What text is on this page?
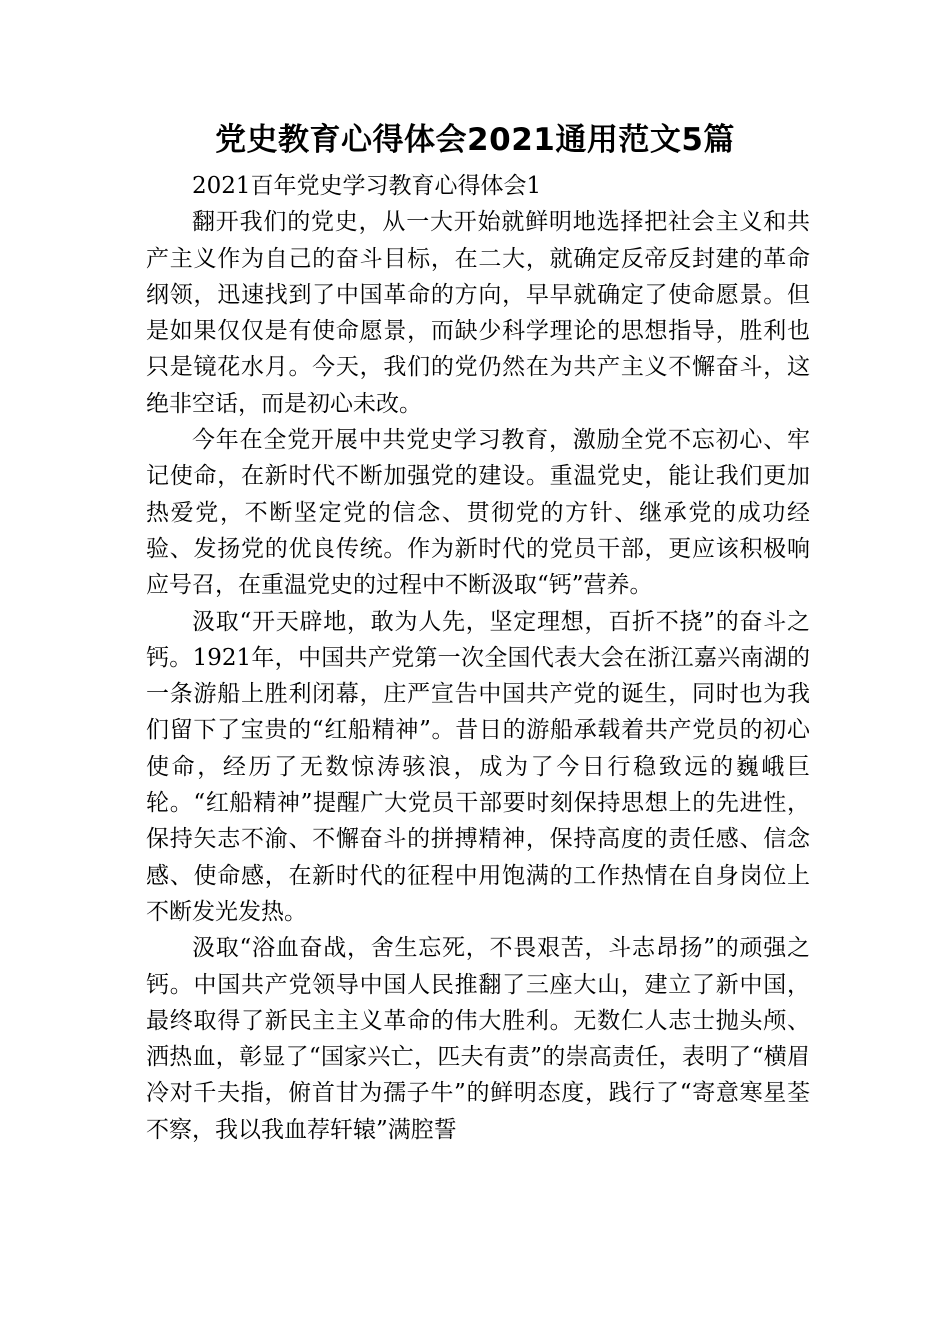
党史教育心得体会2021通用范文5篇

2021百年党史学习教育心得体会1

翻开我们的党史，从一大开始就鲜明地选择把社会主义和共产主义作为自己的奋斗目标，在二大，就确定反帝反封建的革命纲领，迅速找到了中国革命的方向，早早就确定了使命愿景。但是如果仅仅是有使命愿景，而缺少科学理论的思想指导，胜利也只是镜花水月。今天，我们的党仍然在为共产主义不懈奋斗，这绝非空话，而是初心未改。

今年在全党开展中共党史学习教育，激励全党不忘初心、牢记使命，在新时代不断加强党的建设。重温党史，能让我们更加热爱党，不断坚定党的信念、贯彻党的方针、继承党的成功经验、发扬党的优良传统。作为新时代的党员干部，更应该积极响应号召，在重温党史的过程中不断汲取“钙”营养。

汲取“开天辟地，敢为人先，坚定理想，百折不挠”的奋斗之钙。1921年，中国共产党第一次全国代表大会在浙江嘉兴南湖的一条游船上胜利闭幕，庄严宣告中国共产党的诞生，同时也为我们留下了宝贵的“红船精神”。昔日的游船承载着共产党员的初心使命，经历了无数惊涛骇浪，成为了今日行稳致远的巍峨巨轮。“红船精神”提醒广大党员干部要时刻保持思想上的先进性，保持矢志不渝、不懈奋斗的拼搏精神，保持高度的责任感、信念感、使命感，在新时代的征程中用饱满的工作热情在自身岗位上不断发光发热。

汲取“浴血奋战，舍生忘死，不畏艰苦，斗志昂扬”的顽强之钙。中国共产党领导中国人民推翻了三座大山，建立了新中国，最终取得了新民主主义革命的伟大胜利。无数仁人志士抛头颅、洒热血，彰显了“国家兴亡，匹夫有责”的崇高责任，表明了“横眉冷对千夫指，俯首甘为孺子牛”的鲜明态度，践行了“寄意寒星荃不察，我以我血荐轩辕”满腔誓
